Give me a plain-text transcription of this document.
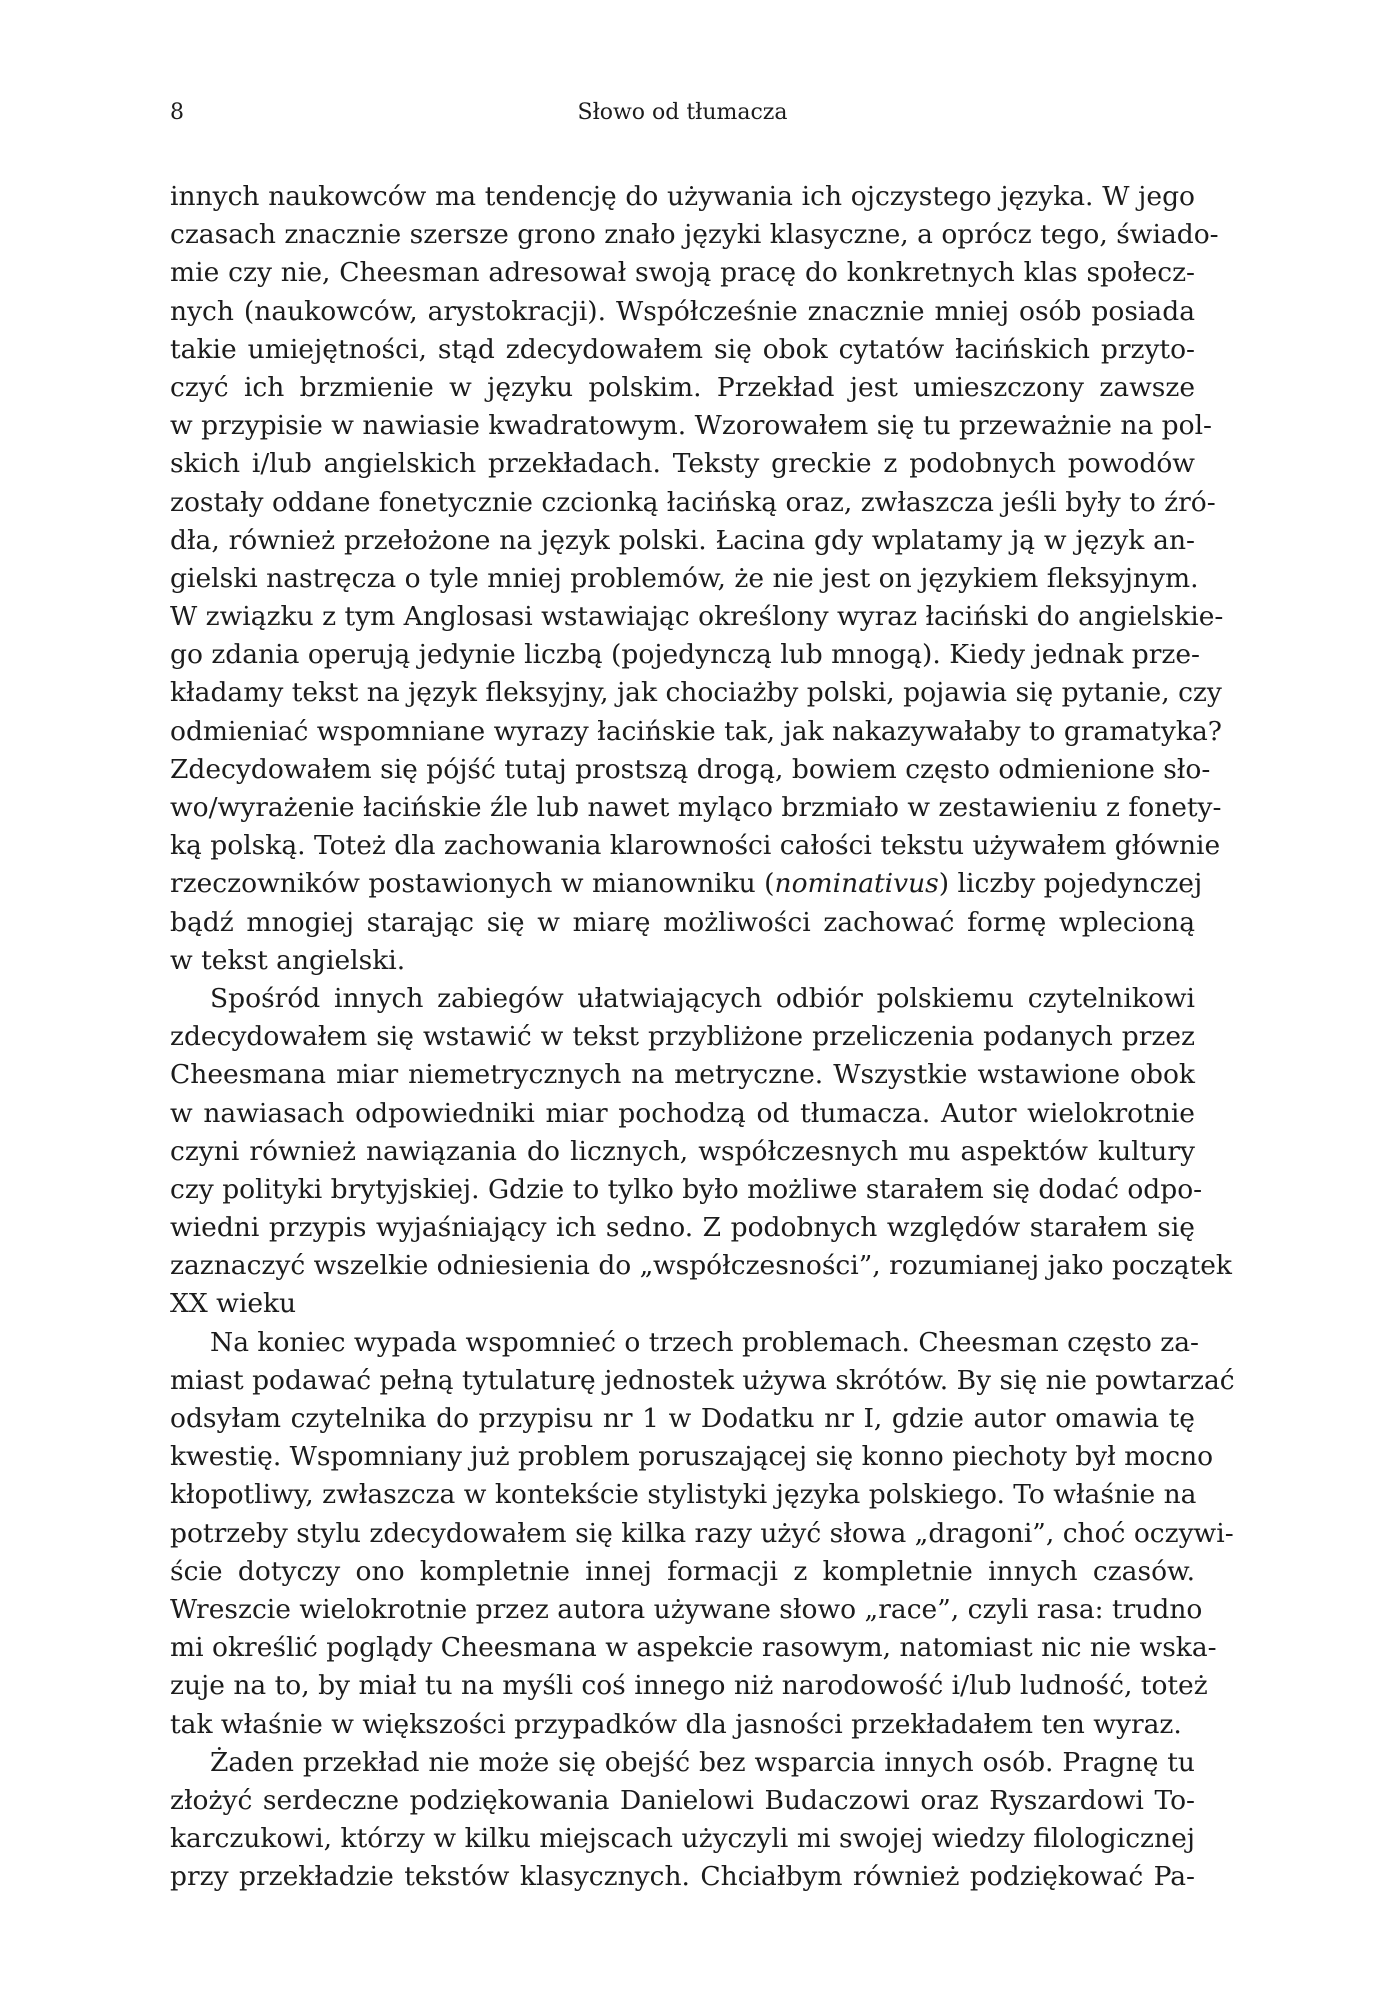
8	Słowo od tłumacza
innych naukowców ma tendencję do używania ich ojczystego języka. W jego
czasach znacznie szersze grono znało języki klasyczne, a oprócz tego, świado-
mie czy nie, Cheesman adresował swoją pracę do konkretnych klas społecz-
nych (naukowców, arystokracji). Współcześnie znacznie mniej osób posiada
takie umiejętności, stąd zdecydowałem się obok cytatów łacińskich przyto-
czyć ich brzmienie w języku polskim. Przekład jest umieszczony zawsze
w przypisie w nawiasie kwadratowym. Wzorowałem się tu przeważnie na pol-
skich i/lub angielskich przekładach. Teksty greckie z podobnych powodów
zostały oddane fonetycznie czcionką łacińską oraz, zwłaszcza jeśli były to źró-
dła, również przełożone na język polski. Łacina gdy wplatamy ją w język an-
gielski nastręcza o tyle mniej problemów, że nie jest on językiem fleksyjnym.
W związku z tym Anglosasi wstawiając określony wyraz łaciński do angielskie-
go zdania operują jedynie liczbą (pojedynczą lub mnogą). Kiedy jednak prze-
kładamy tekst na język fleksyjny, jak chociażby polski, pojawia się pytanie, czy
odmieniać wspomniane wyrazy łacińskie tak, jak nakazywałaby to gramatyka?
Zdecydowałem się pójść tutaj prostszą drogą, bowiem często odmienione sło-
wo/wyrażenie łacińskie źle lub nawet myląco brzmiało w zestawieniu z fonety-
ką polską. Toteż dla zachowania klarowności całości tekstu używałem głównie
rzeczowników postawionych w mianowniku (nominativus) liczby pojedynczej
bądź mnogiej starając się w miarę możliwości zachować formę wplecioną
w tekst angielski.
Spośród innych zabiegów ułatwiających odbiór polskiemu czytelnikowi
zdecydowałem się wstawić w tekst przybliżone przeliczenia podanych przez
Cheesmana miar niemetrycznych na metryczne. Wszystkie wstawione obok
w nawiasach odpowiedniki miar pochodzą od tłumacza. Autor wielokrotnie
czyni również nawiązania do licznych, współczesnych mu aspektów kultury
czy polityki brytyjskiej. Gdzie to tylko było możliwe starałem się dodać odpo-
wiedni przypis wyjaśniający ich sedno. Z podobnych względów starałem się
zaznaczyć wszelkie odniesienia do „współczesności”, rozumianej jako początek
XX wieku
Na koniec wypada wspomnieć o trzech problemach. Cheesman często za-
miast podawać pełną tytulaturę jednostek używa skrótów. By się nie powtarzać
odsyłam czytelnika do przypisu nr 1 w Dodatku nr I, gdzie autor omawia tę
kwestię. Wspomniany już problem poruszającej się konno piechoty był mocno
kłopotliwy, zwłaszcza w kontekście stylistyki języka polskiego. To właśnie na
potrzeby stylu zdecydowałem się kilka razy użyć słowa „dragoni”, choć oczywi-
ście dotyczy ono kompletnie innej formacji z kompletnie innych czasów.
Wreszcie wielokrotnie przez autora używane słowo „race”, czyli rasa: trudno
mi określić poglądy Cheesmana w aspekcie rasowym, natomiast nic nie wska-
zuje na to, by miał tu na myśli coś innego niż narodowość i/lub ludność, toteż
tak właśnie w większości przypadków dla jasności przekładałem ten wyraz.
Żaden przekład nie może się obejść bez wsparcia innych osób. Pragnę tu
złożyć serdeczne podziękowania Danielowi Budaczowi oraz Ryszardowi To-
karczukowi, którzy w kilku miejscach użyczyli mi swojej wiedzy filologicznej
przy przekładzie tekstów klasycznych. Chciałbym również podziękować Pa-
